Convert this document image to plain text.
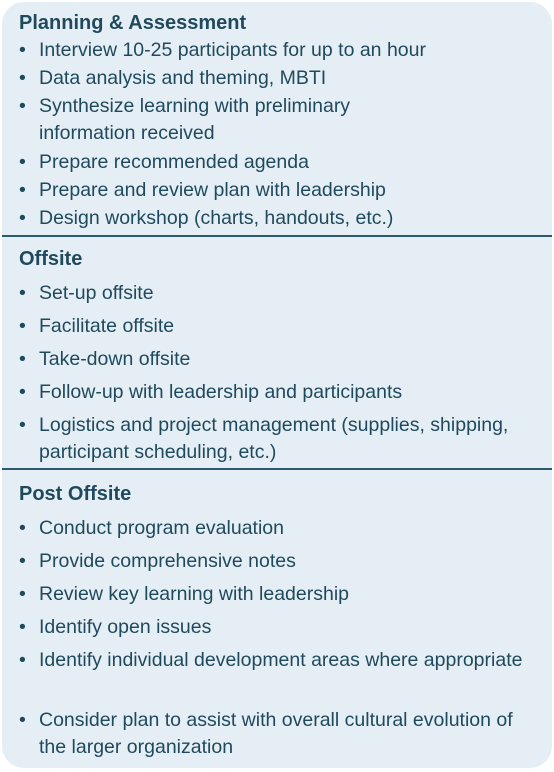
Planning & Assessment
• Interview 10-25 participants for up to an hour
• Data analysis and theming, MBTI
• Synthesize learning with preliminary information received
• Prepare recommended agenda
• Prepare and review plan with leadership
• Design workshop (charts, handouts, etc.)
Offsite
• Set-up offsite
• Facilitate offsite
• Take-down offsite
• Follow-up with leadership and participants
• Logistics and project management (supplies, shipping, participant scheduling, etc.)
Post Offsite
• Conduct program evaluation
• Provide comprehensive notes
• Review key learning with leadership
• Identify open issues
• Identify individual development areas where appropriate
• Consider plan to assist with overall cultural evolution of the larger organization
